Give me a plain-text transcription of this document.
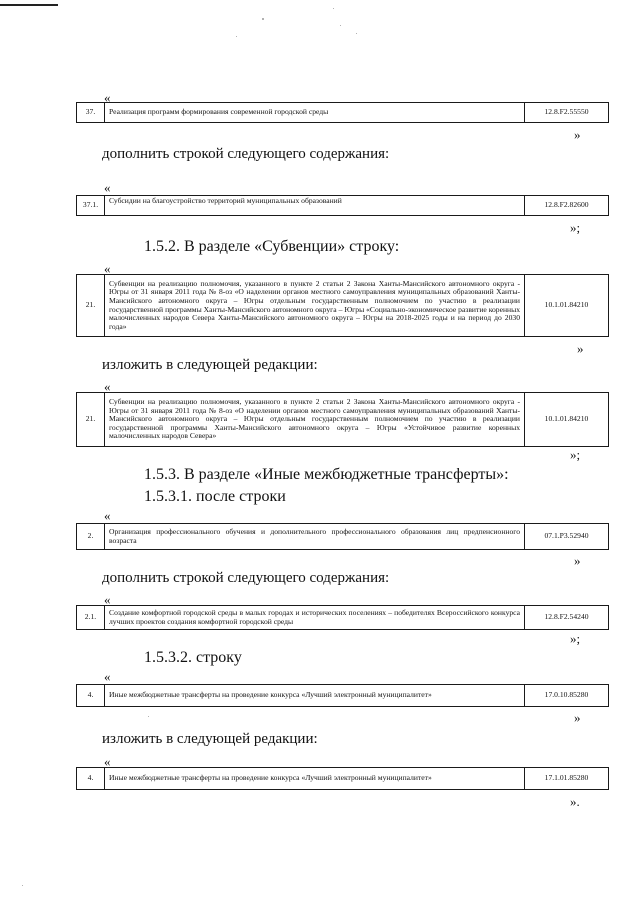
«
37.	Реализация программ формирования современной городской среды	12.8.F2.55550
»
дополнить строкой следующего содержания:
«
37.1.	Субсидии на благоустройство территорий муниципальных образований	12.8.F2.82600
»;
1.5.2. В разделе «Субвенции» строку:
«
21.	Субвенции на реализацию полномочия, указанного в пункте 2 статьи 2 Закона Ханты-Мансийского автономного округа - Югры от 31 января 2011 года № 8-оз «О наделении органов местного самоуправления муниципальных образований Ханты-Мансийского автономного округа – Югры отдельным государственным полномочием по участию в реализации государственной программы Ханты-Мансийского автономного округа – Югры «Социально-экономическое развитие коренных малочисленных народов Севера Ханты-Мансийского автономного округа – Югры на 2018-2025 годы и на период до 2030 года»	10.1.01.84210
»
изложить в следующей редакции:
«
21.	Субвенции на реализацию полномочия, указанного в пункте 2 статьи 2 Закона Ханты-Мансийского автономного округа - Югры от 31 января 2011 года № 8-оз «О наделении органов местного самоуправления муниципальных образований Ханты-Мансийского автономного округа – Югры отдельным государственным полномочием по участию в реализации государственной программы Ханты-Мансийского автономного округа – Югры «Устойчивое развитие коренных малочисленных народов Севера»	10.1.01.84210
»;
1.5.3. В разделе «Иные межбюджетные трансферты»:
1.5.3.1. после строки
«
2.	Организация профессионального обучения и дополнительного профессионального образования лиц предпенсионного возраста	07.1.P3.52940
»
дополнить строкой следующего содержания:
«
2.1.	Создание комфортной городской среды в малых городах и исторических поселениях – победителях Всероссийского конкурса лучших проектов создания комфортной городской среды	12.8.F2.54240
»;
1.5.3.2. строку
«
4.	Иные межбюджетные трансферты на проведение конкурса «Лучший электронный муниципалитет»	17.0.10.85280
»
изложить в следующей редакции:
«
4.	Иные межбюджетные трансферты на проведение конкурса «Лучший электронный муниципалитет»	17.1.01.85280
».
